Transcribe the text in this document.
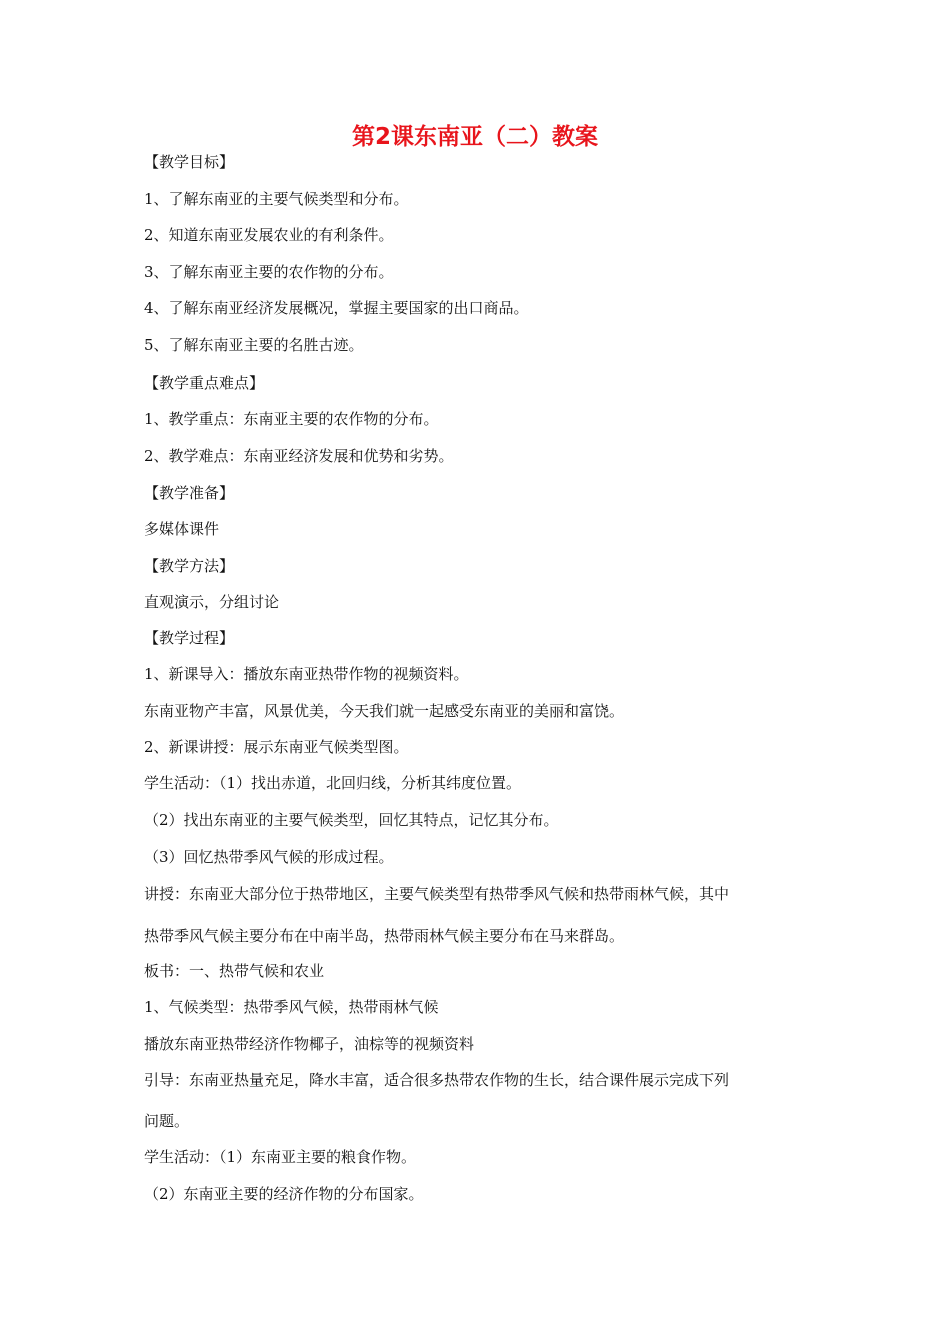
第2课东南亚（二）教案

【教学目标】

1、了解东南亚的主要气候类型和分布。

2、知道东南亚发展农业的有利条件。

3、了解东南亚主要的农作物的分布。

4、了解东南亚经济发展概况，掌握主要国家的出口商品。

5、了解东南亚主要的名胜古迹。

【教学重点难点】

1、教学重点：东南亚主要的农作物的分布。

2、教学难点：东南亚经济发展和优势和劣势。

【教学准备】

多媒体课件

【教学方法】

直观演示，分组讨论

【教学过程】

1、新课导入：播放东南亚热带作物的视频资料。

东南亚物产丰富，风景优美，今天我们就一起感受东南亚的美丽和富饶。

2、新课讲授：展示东南亚气候类型图。

学生活动：（1）找出赤道，北回归线，分析其纬度位置。

（2）找出东南亚的主要气候类型，回忆其特点，记忆其分布。

（3）回忆热带季风气候的形成过程。

讲授：东南亚大部分位于热带地区，主要气候类型有热带季风气候和热带雨林气候，其中

热带季风气候主要分布在中南半岛，热带雨林气候主要分布在马来群岛。

板书：一、热带气候和农业

1、气候类型：热带季风气候，热带雨林气候

播放东南亚热带经济作物椰子，油棕等的视频资料

引导：东南亚热量充足，降水丰富，适合很多热带农作物的生长，结合课件展示完成下列

问题。

学生活动：（1）东南亚主要的粮食作物。

（2）东南亚主要的经济作物的分布国家。
